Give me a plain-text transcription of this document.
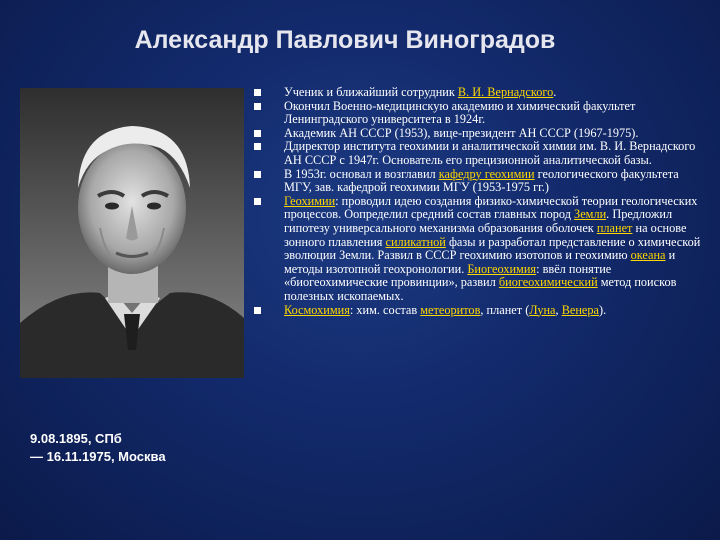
Александр Павлович Виноградов
9.08.1895, СПб
— 16.11.1975, Москва
Ученик и ближайший сотрудник В. И. Вернадского.
Окончил Военно-медицинскую академию и химический факультет Ленинградского университета в 1924г.
Академик АН СССР (1953), вице-президент АН СССР (1967-1975).
Ддиректор института геохимии и аналитической химии им. В. И. Вернадского АН СССР с 1947г. Основатель его прецизионной аналитической базы.
В 1953г. основал и возглавил кафедру геохимии геологического факультета МГУ, зав. кафедрой геохимии МГУ (1953-1975 гг.)
Геохимии: проводил идею создания физико-химической теории геологических процессов. Оопределил средний состав главных пород Земли. Предложил гипотезу универсального механизма образования оболочек планет на основе зонного плавления силикатной фазы и разработал представление о химической эволюции Земли. Развил в СССР геохимию изотопов и геохимию океана и методы изотопной геохронологии. Биогеохимия: ввёл понятие «биогеохимические провинции», развил биогеохимический метод поисков полезных ископаемых.
Космохимия: хим. состав метеоритов, планет (Луна, Венера).
